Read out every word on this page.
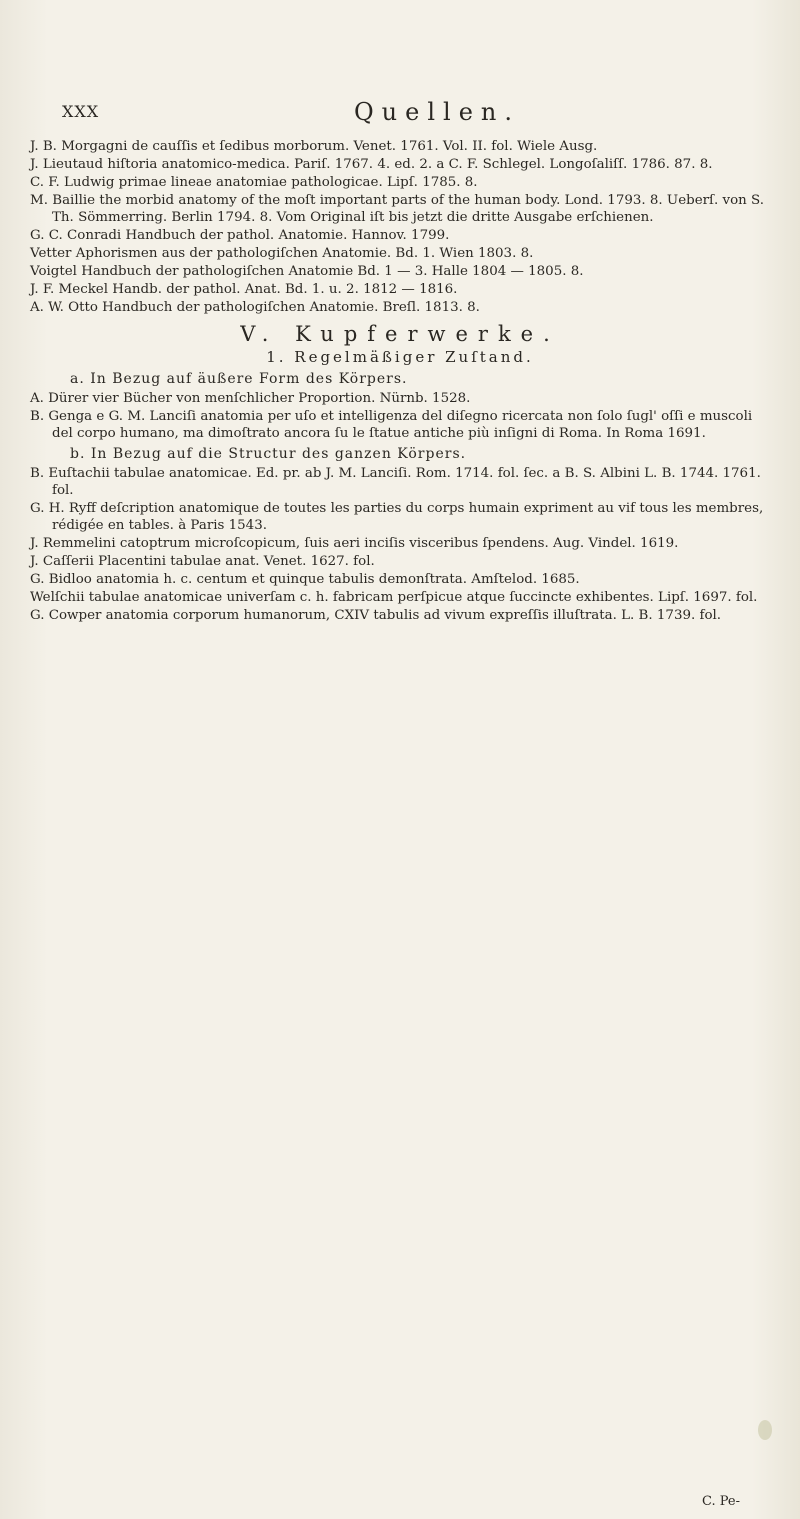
XXX	Quellen.
J. B. Morgagni de cauſſis et ſedibus morborum. Venet. 1761. Vol. II. fol. Wiele Ausg.
J. Lieutaud hiſtoria anatomico-medica. Pariſ. 1767. 4. ed. 2. a C. F. Schlegel. Longoſaliſſ. 1786. 87. 8.
C. F. Ludwig primae lineae anatomiae pathologicae. Lipſ. 1785. 8.
M. Baillie the morbid anatomy of the moſt important parts of the human body. Lond. 1793. 8. Ueberſ. von S. Th. Sömmerring. Berlin 1794. 8. Vom Original iſt bis jetzt die dritte Ausgabe erſchienen.
G. C. Conradi Handbuch der pathol. Anatomie. Hannov. 1799.
Vetter Aphorismen aus der pathologiſchen Anatomie. Bd. 1. Wien 1803. 8.
Voigtel Handbuch der pathologiſchen Anatomie Bd. 1 — 3. Halle 1804 — 1805. 8.
J. F. Meckel Handb. der pathol. Anat. Bd. 1. u. 2. 1812 — 1816.
A. W. Otto Handbuch der pathologiſchen Anatomie. Breſl. 1813. 8.
V. Kupferwerke.
1. Regelmäßiger Zuſtand.
a. In Bezug auf äußere Form des Körpers.
A. Dürer vier Bücher von menſchlicher Proportion. Nürnb. 1528.
B. Genga e G. M. Lanciſi anatomia per uſo et intelligenza del diſegno ricercata non ſolo ſugl' oſſi e muscoli del corpo humano, ma dimoſtrato ancora ſu le ſtatue antiche più inſigni di Roma. In Roma 1691.
b. In Bezug auf die Structur des ganzen Körpers.
B. Euſtachii tabulae anatomicae. Ed. pr. ab J. M. Lanciſi. Rom. 1714. fol. ſec. a B. S. Albini L. B. 1744. 1761. fol.
G. H. Ryff deſcription anatomique de toutes les parties du corps humain expriment au vif tous les membres, rédigée en tables. à Paris 1543.
J. Remmelini catoptrum microſcopicum, ſuis aeri inciſis visceribus ſpendens. Aug. Vindel. 1619.
J. Caſſerii Placentini tabulae anat. Venet. 1627. fol.
G. Bidloo anatomia h. c. centum et quinque tabulis demonſtrata. Amſtelod. 1685.
Welſchii tabulae anatomicae univerſam c. h. fabricam perſpicue atque ſuccincte exhibentes. Lipſ. 1697. fol.
G. Cowper anatomia corporum humanorum, CXIV tabulis ad vivum expreſſis illuſtrata. L. B. 1739. fol.
C. Pe-
